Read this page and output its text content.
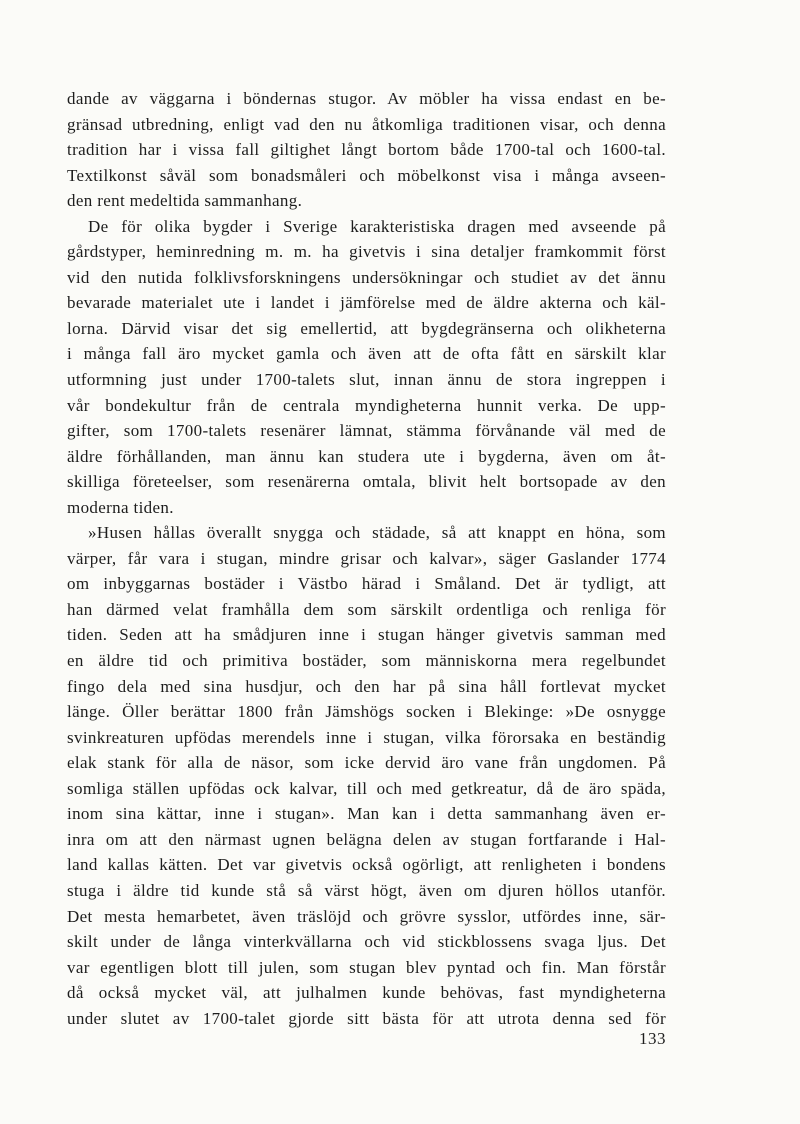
dande av väggarna i böndernas stugor. Av möbler ha vissa endast en be-
gränsad utbredning, enligt vad den nu åtkomliga traditionen visar, och denna
tradition har i vissa fall giltighet långt bortom både 1700-tal och 1600-tal.
Textilkonst såväl som bonadsmåleri och möbelkonst visa i många avseen-
den rent medeltida sammanhang.
De för olika bygder i Sverige karakteristiska dragen med avseende på
gårdstyper, heminredning m. m. ha givetvis i sina detaljer framkommit först
vid den nutida folklivsforskningens undersökningar och studiet av det ännu
bevarade materialet ute i landet i jämförelse med de äldre akterna och käl-
lorna. Därvid visar det sig emellertid, att bygdegränserna och olikheterna
i många fall äro mycket gamla och även att de ofta fått en särskilt klar
utformning just under 1700-talets slut, innan ännu de stora ingreppen i
vår bondekultur från de centrala myndigheterna hunnit verka. De upp-
gifter, som 1700-talets resenärer lämnat, stämma förvånande väl med de
äldre förhållanden, man ännu kan studera ute i bygderna, även om åt-
skilliga företeelser, som resenärerna omtala, blivit helt bortsopade av den
moderna tiden.
»Husen hållas överallt snygga och städade, så att knappt en höna, som
värper, får vara i stugan, mindre grisar och kalvar», säger Gaslander 1774
om inbyggarnas bostäder i Västbo härad i Småland. Det är tydligt, att
han därmed velat framhålla dem som särskilt ordentliga och renliga för
tiden. Seden att ha smådjuren inne i stugan hänger givetvis samman med
en äldre tid och primitiva bostäder, som människorna mera regelbundet
fingo dela med sina husdjur, och den har på sina håll fortlevat mycket
länge. Öller berättar 1800 från Jämshögs socken i Blekinge: »De osnygge
svinkreaturen upfödas merendels inne i stugan, vilka förorsaka en beständig
elak stank för alla de näsor, som icke dervid äro vane från ungdomen. På
somliga ställen upfödas ock kalvar, till och med getkreatur, då de äro späda,
inom sina kättar, inne i stugan». Man kan i detta sammanhang även er-
inra om att den närmast ugnen belägna delen av stugan fortfarande i Hal-
land kallas kätten. Det var givetvis också ogörligt, att renligheten i bondens
stuga i äldre tid kunde stå så värst högt, även om djuren höllos utanför.
Det mesta hemarbetet, även träslöjd och grövre sysslor, utfördes inne, sär-
skilt under de långa vinterkvällarna och vid stickblossens svaga ljus. Det
var egentligen blott till julen, som stugan blev pyntad och fin. Man förstår
då också mycket väl, att julhalmen kunde behövas, fast myndigheterna
under slutet av 1700-talet gjorde sitt bästa för att utrota denna sed för
133
